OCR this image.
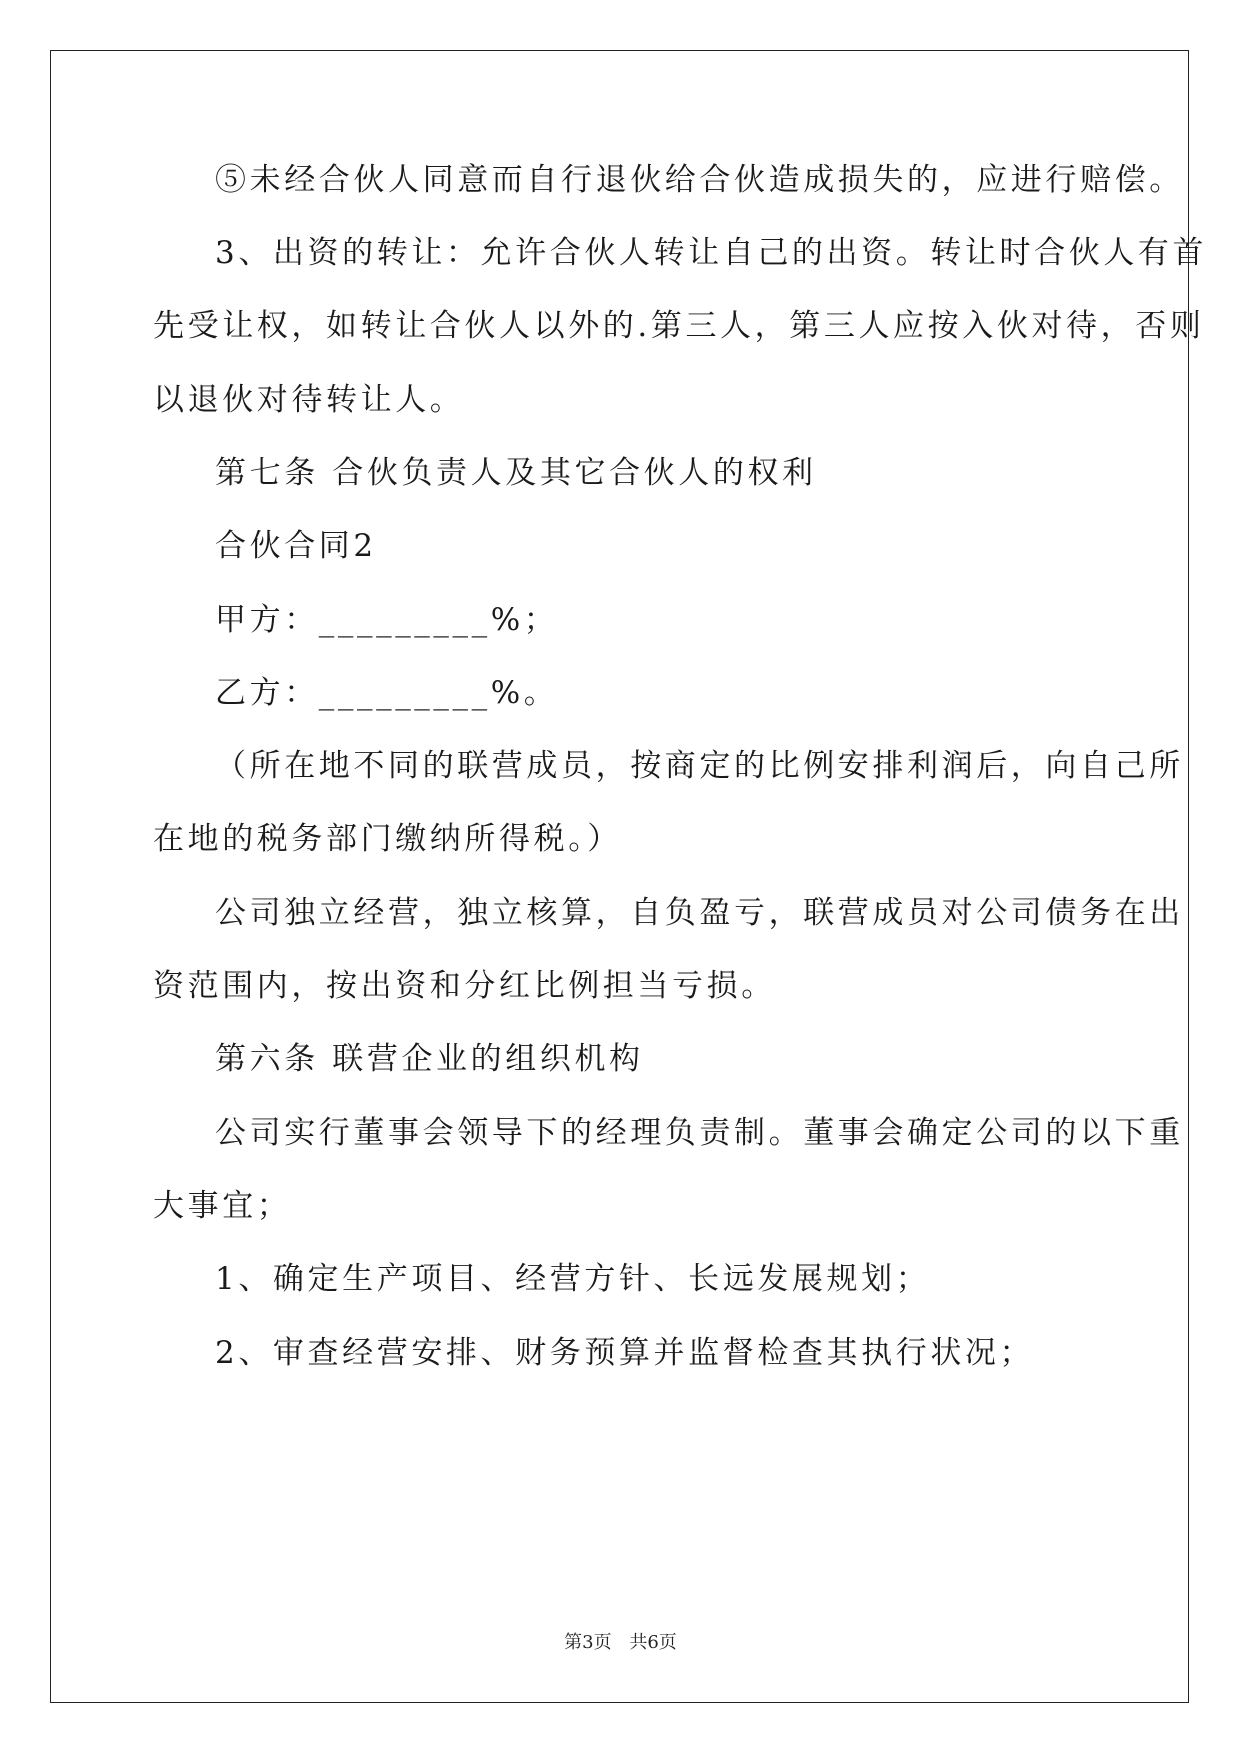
⑤未经合伙人同意而自行退伙给合伙造成损失的，应进行赔偿。
3、出资的转让：允许合伙人转让自己的出资。转让时合伙人有首
先受让权，如转让合伙人以外的.第三人，第三人应按入伙对待，否则
以退伙对待转让人。
第七条 合伙负责人及其它合伙人的权利
合伙合同2
甲方：_________%；
乙方：_________%。
（所在地不同的联营成员，按商定的比例安排利润后，向自己所
在地的税务部门缴纳所得税。）
公司独立经营，独立核算，自负盈亏，联营成员对公司债务在出
资范围内，按出资和分红比例担当亏损。
第六条 联营企业的组织机构
公司实行董事会领导下的经理负责制。董事会确定公司的以下重
大事宜；
1、确定生产项目、经营方针、长远发展规划；
2、审查经营安排、财务预算并监督检查其执行状况；
第3页 共6页
